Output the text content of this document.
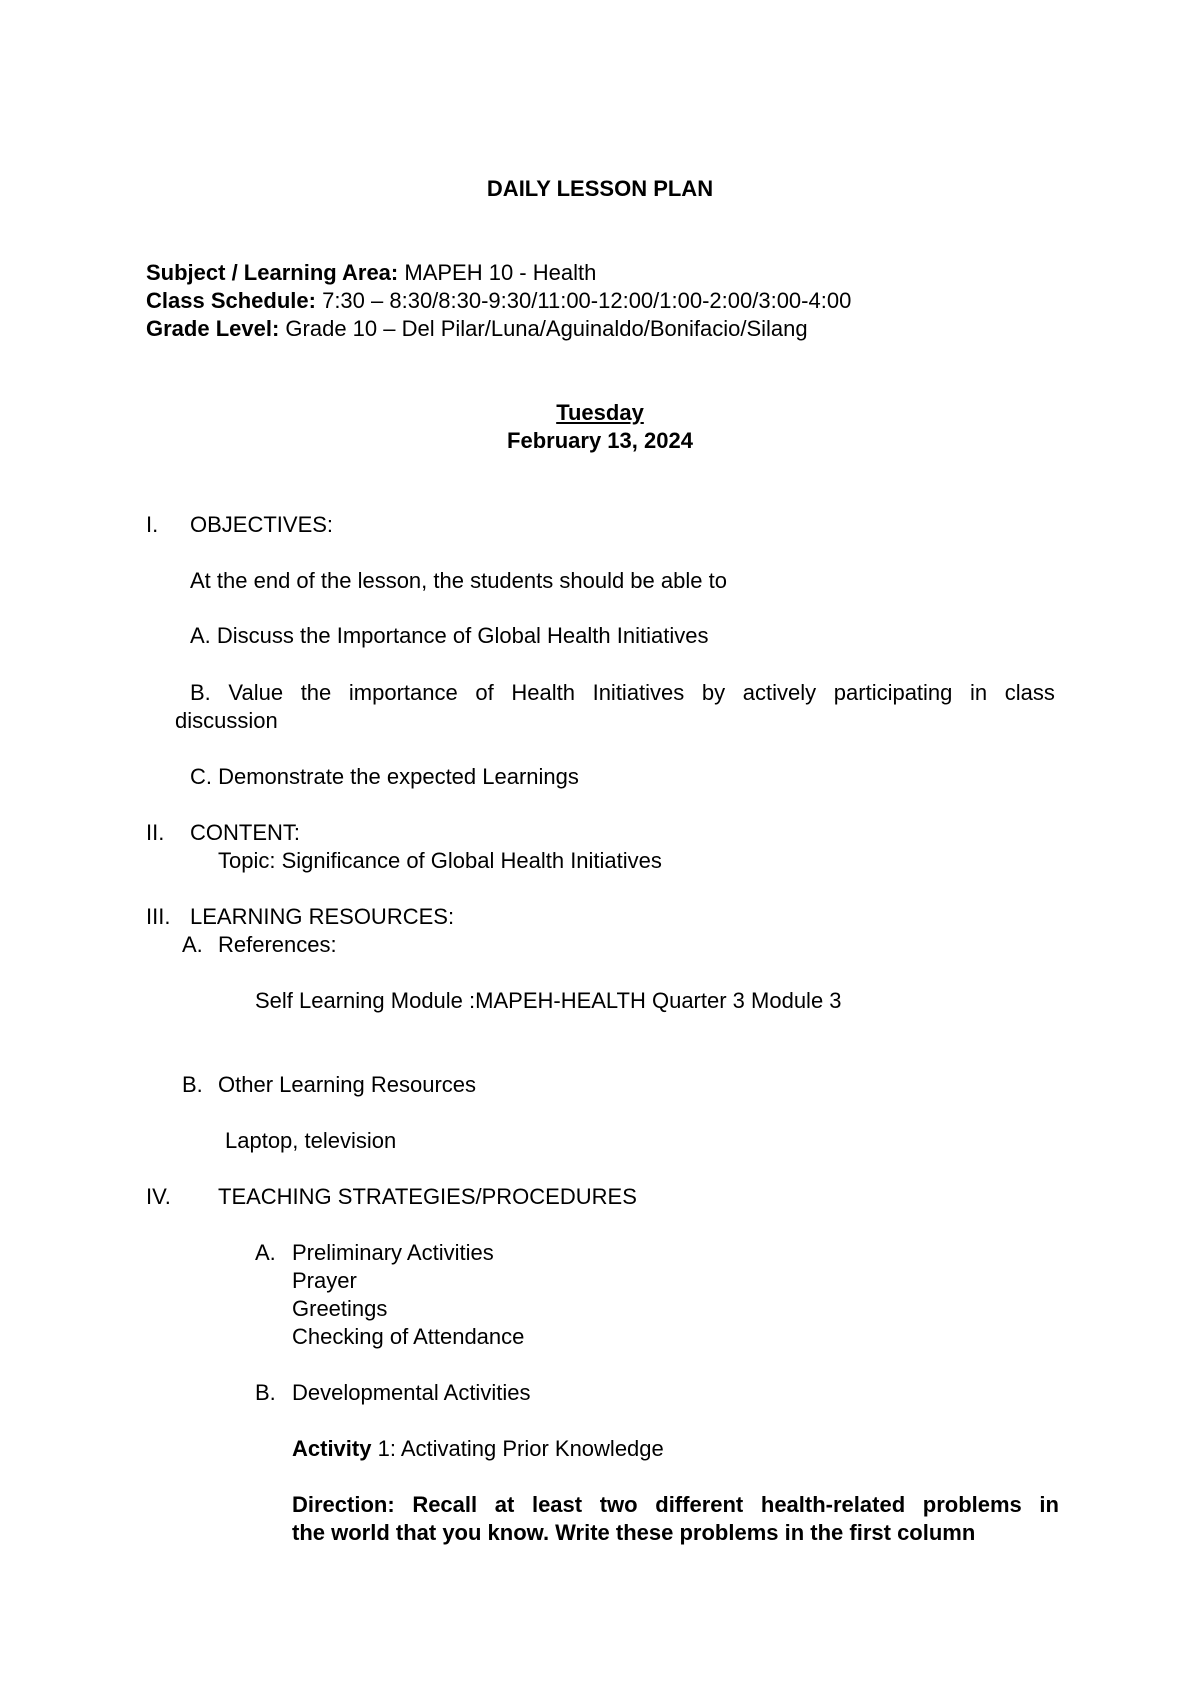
DAILY LESSON PLAN
Subject / Learning Area: MAPEH 10 - Health
Class Schedule: 7:30 – 8:30/8:30-9:30/11:00-12:00/1:00-2:00/3:00-4:00
Grade Level: Grade 10 – Del Pilar/Luna/Aguinaldo/Bonifacio/Silang
Tuesday
February 13, 2024
I. OBJECTIVES:
At the end of the lesson, the students should be able to
A. Discuss the Importance of Global Health Initiatives
B. Value the importance of Health Initiatives by actively participating in class
discussion
C. Demonstrate the expected Learnings
II. CONTENT:
Topic: Significance of Global Health Initiatives
III. LEARNING RESOURCES:
A. References:
Self Learning Module :MAPEH-HEALTH Quarter 3 Module 3
B. Other Learning Resources
Laptop, television
IV. TEACHING STRATEGIES/PROCEDURES
A. Preliminary Activities
Prayer
Greetings
Checking of Attendance
B. Developmental Activities
Activity 1: Activating Prior Knowledge
Direction: Recall at least two different health-related problems in
the world that you know. Write these problems in the first column
